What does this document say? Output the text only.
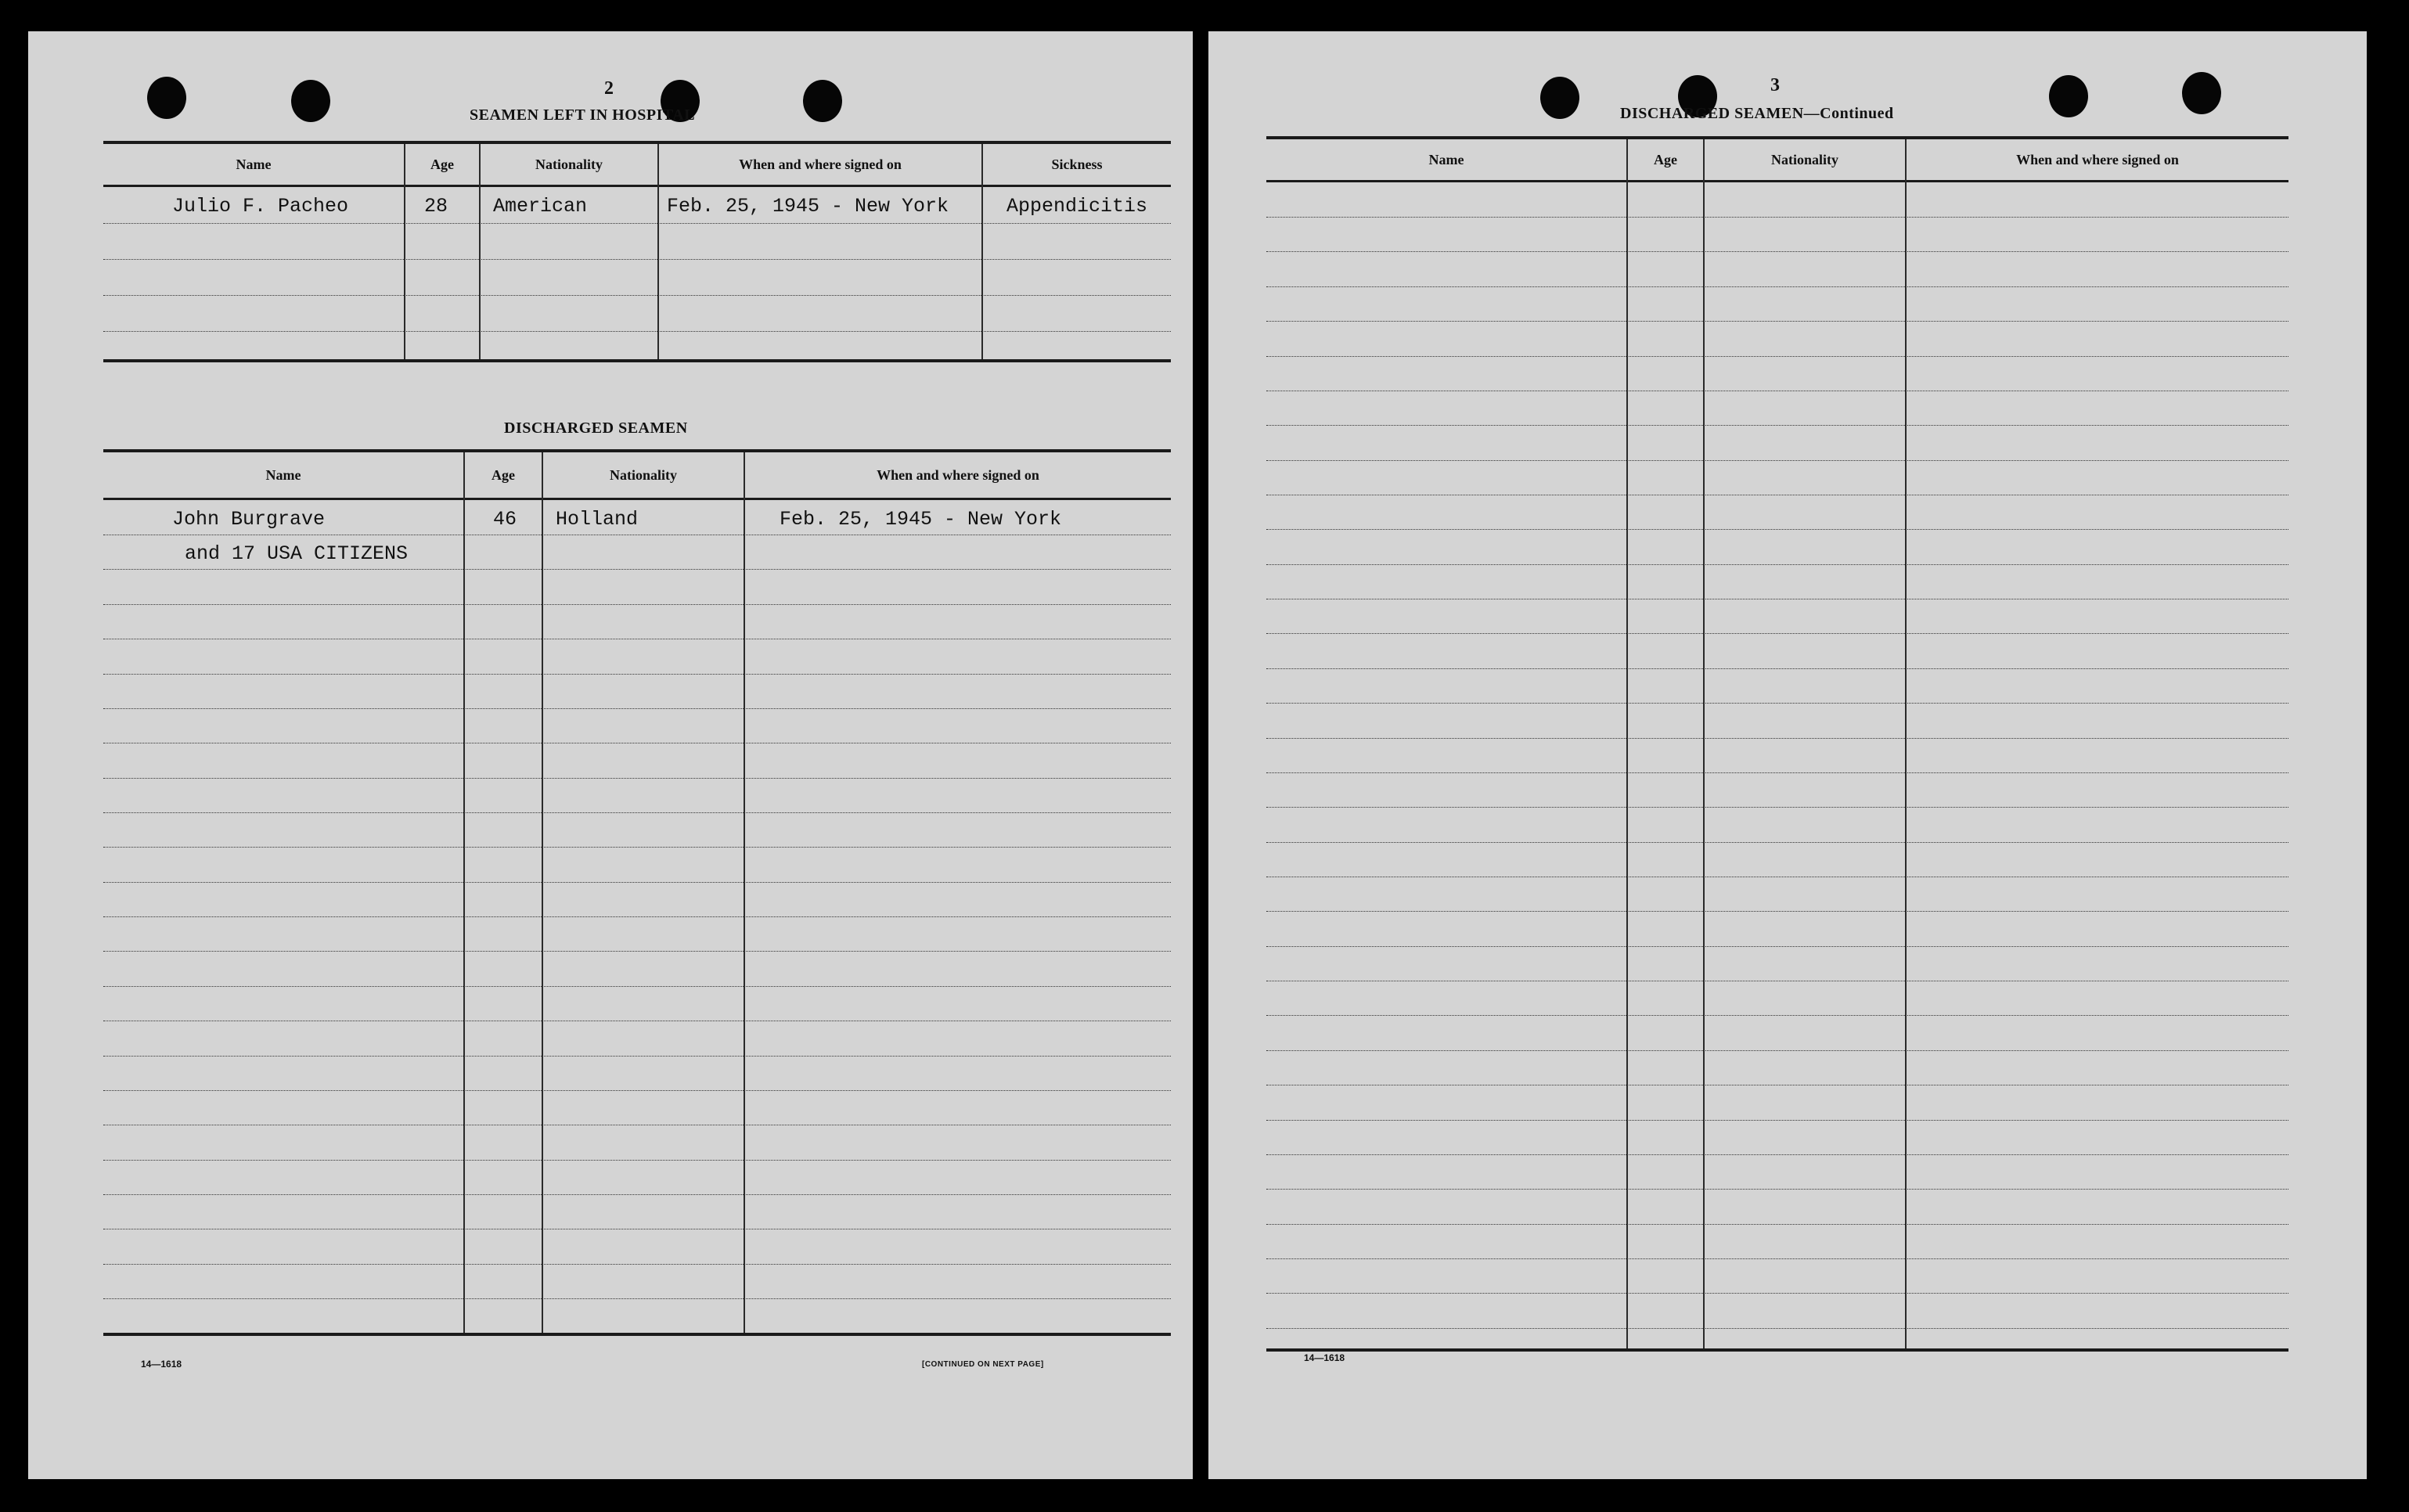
2
SEAMEN LEFT IN HOSPITAL
Name	Age	Nationality	When and where signed on	Sickness
Julio F. Pacheo	28 American	Feb. 25, 1945 - New York	Appendicitis
DISCHARGED SEAMEN
Name	Age	Nationality	When and where signed on
John Burgrave	46 Holland	Feb. 25, 1945 - New York
and 17 USA CITIZENS
14—1618	[CONTINUED ON NEXT PAGE]
3
DISCHARGED SEAMEN—Continued
Name	Age	Nationality	When and where signed on
14—1618
